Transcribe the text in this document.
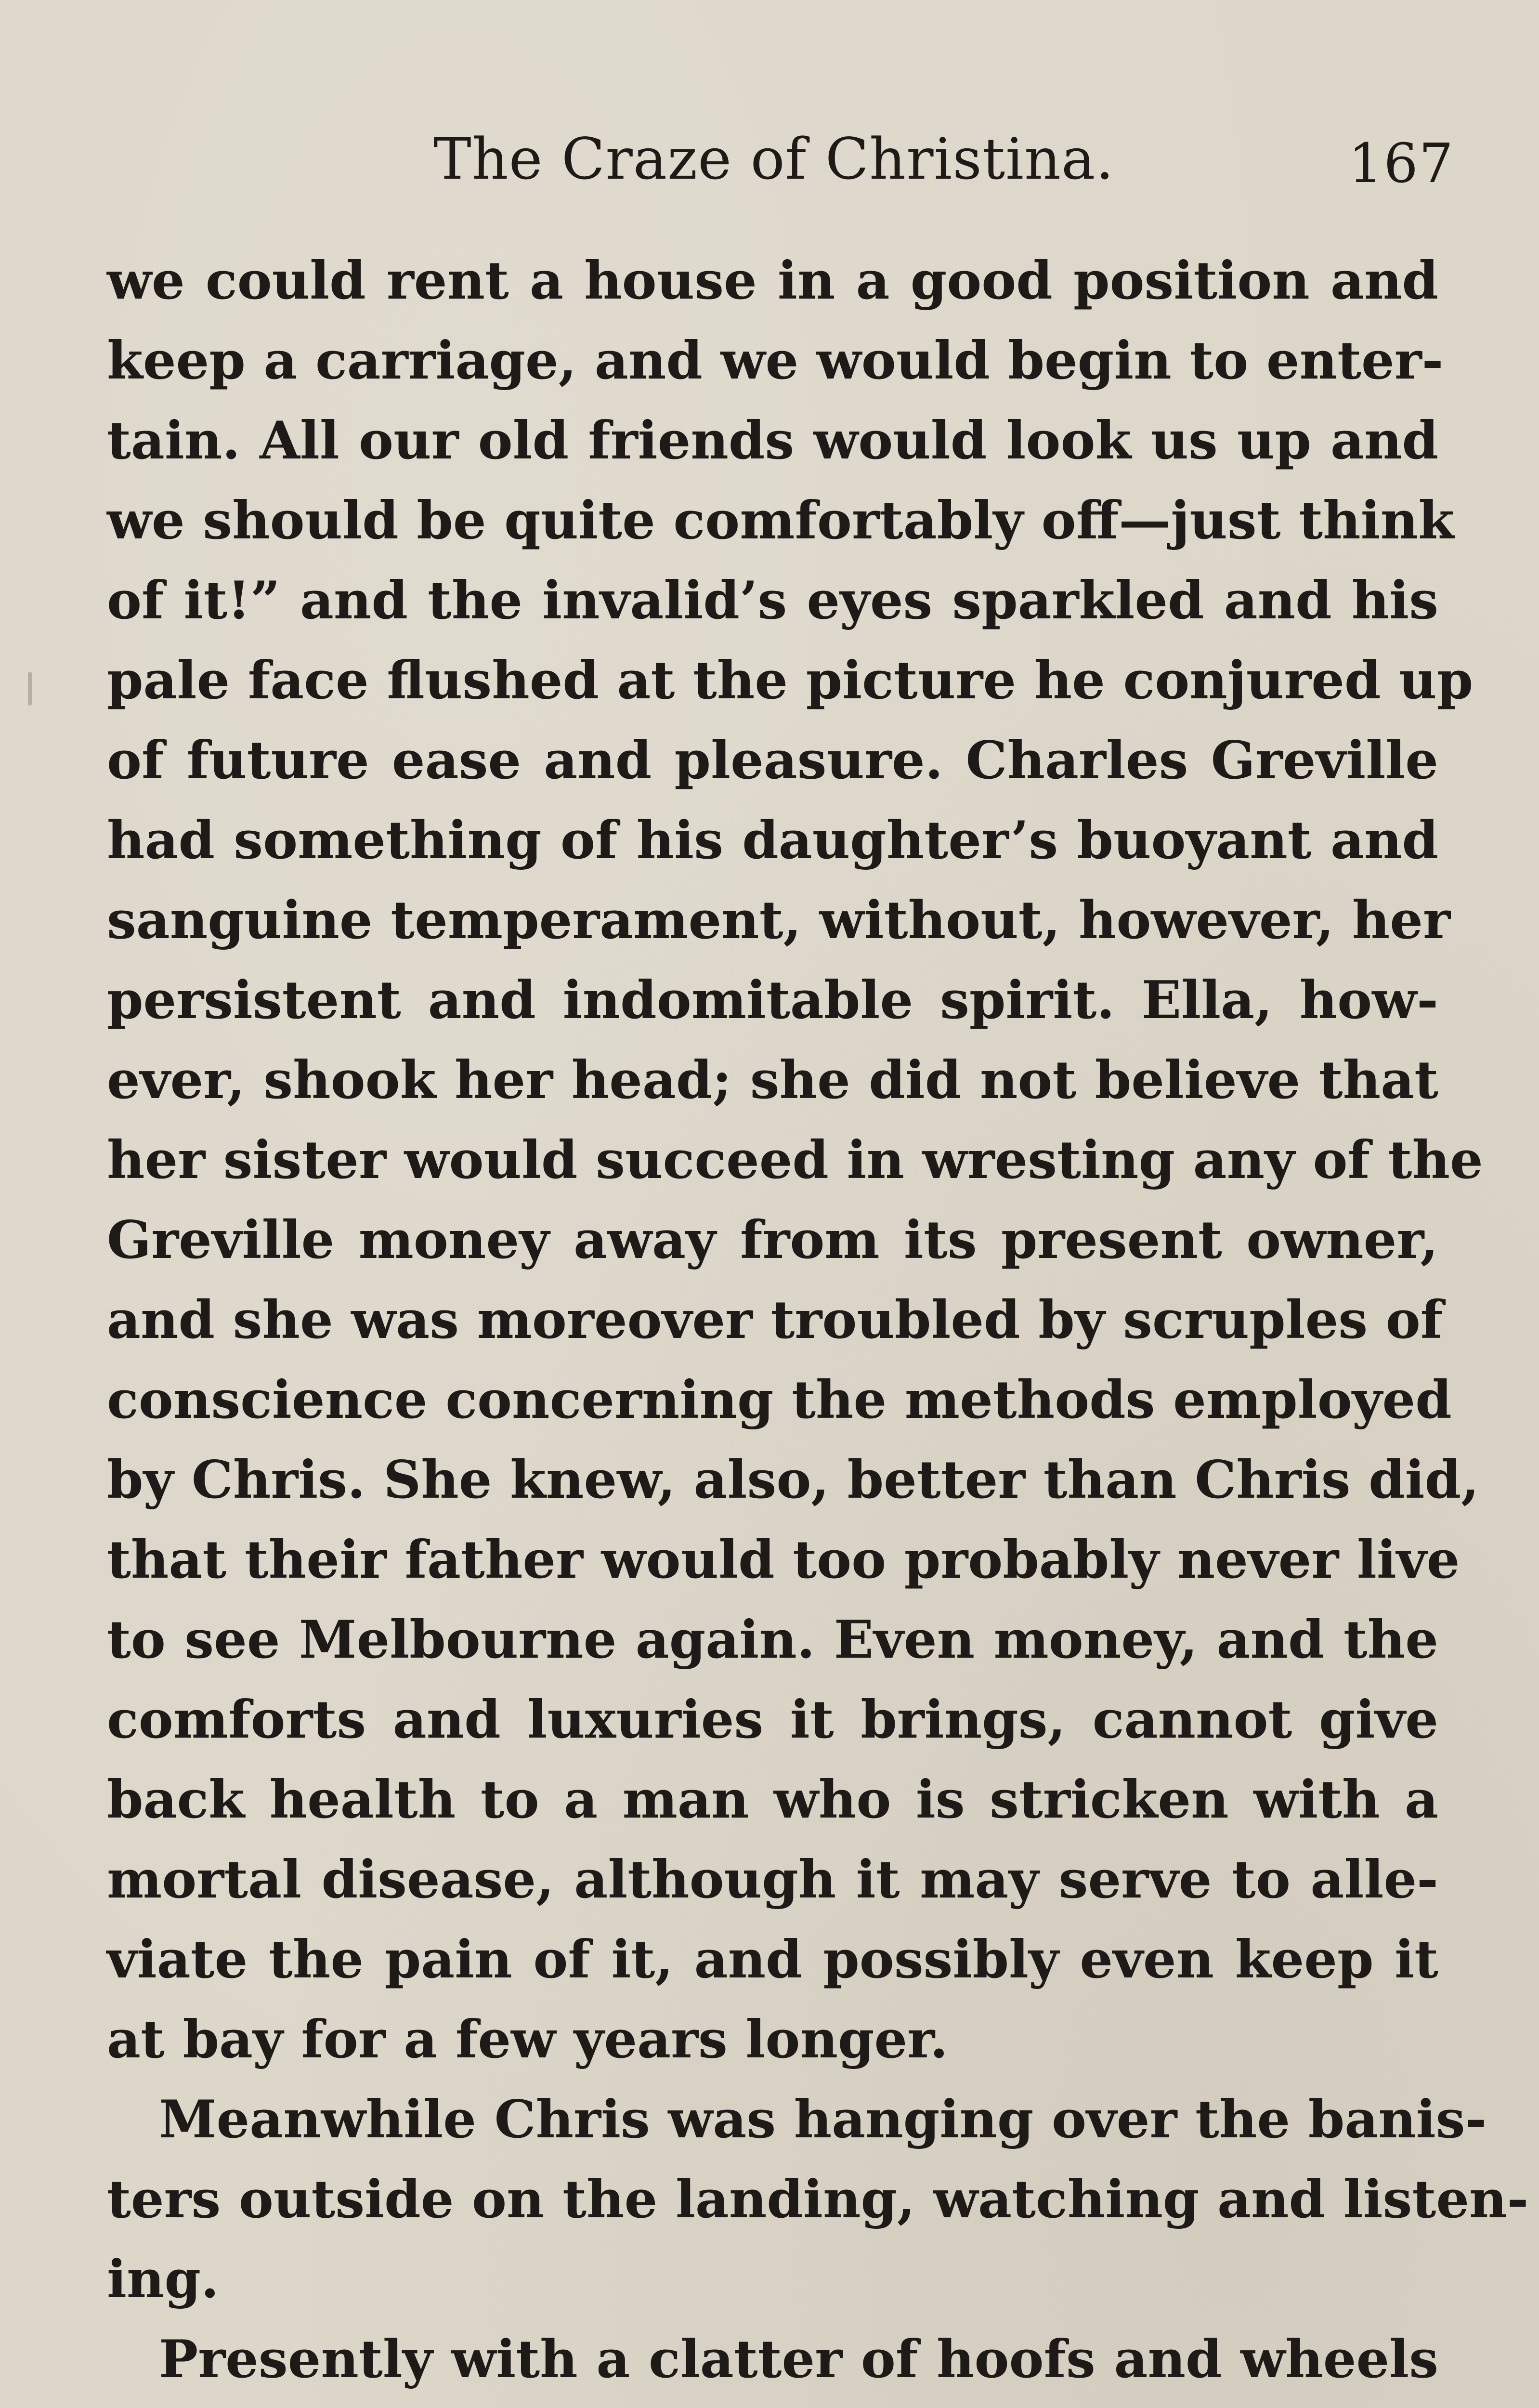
The Craze of Christina.	167
we could rent a house in a good position and
keep a carriage, and we would begin to enter-
tain. All our old friends would look us up and
we should be quite comfortably off—just think
of it!” and the invalid’s eyes sparkled and his
pale face flushed at the picture he conjured up
of future ease and pleasure. Charles Greville
had something of his daughter’s buoyant and
sanguine temperament, without, however, her
persistent and indomitable spirit. Ella, how-
ever, shook her head; she did not believe that
her sister would succeed in wresting any of the
Greville money away from its present owner,
and she was moreover troubled by scruples of
conscience concerning the methods employed
by Chris. She knew, also, better than Chris did,
that their father would too probably never live
to see Melbourne again. Even money, and the
comforts and luxuries it brings, cannot give
back health to a man who is stricken with a
mortal disease, although it may serve to alle-
viate the pain of it, and possibly even keep it
at bay for a few years longer.
Meanwhile Chris was hanging over the banis-
ters outside on the landing, watching and listen-
ing.
Presently with a clatter of hoofs and wheels
